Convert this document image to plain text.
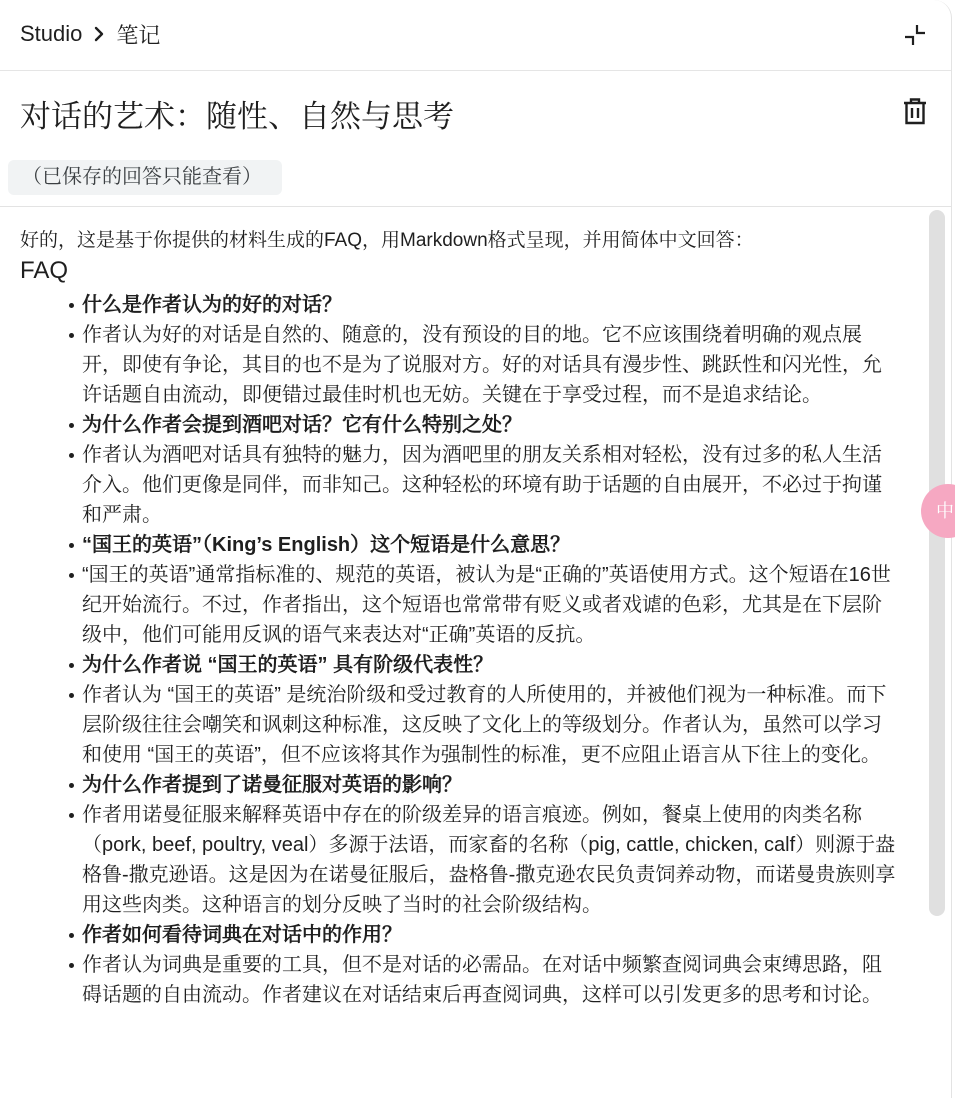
Studio 笔记
对话的艺术：随性、自然与思考
（已保存的回答只能查看）
好的，这是基于你提供的材料生成的FAQ，用Markdown格式呈现，并用简体中文回答：
FAQ
什么是作者认为的好的对话？
作者认为好的对话是自然的、随意的，没有预设的目的地。它不应该围绕着明确的观点展开，即使有争论，其目的也不是为了说服对方。好的对话具有漫步性、跳跃性和闪光性，允许话题自由流动，即便错过最佳时机也无妨。关键在于享受过程，而不是追求结论。
为什么作者会提到酒吧对话？它有什么特别之处？
作者认为酒吧对话具有独特的魅力，因为酒吧里的朋友关系相对轻松，没有过多的私人生活介入。他们更像是同伴，而非知己。这种轻松的环境有助于话题的自由展开，不必过于拘谨和严肃。
“国王的英语”（King’s English）这个短语是什么意思？
“国王的英语”通常指标准的、规范的英语，被认为是“正确的”英语使用方式。这个短语在16世纪开始流行。不过，作者指出，这个短语也常常带有贬义或者戏谑的色彩，尤其是在下层阶级中，他们可能用反讽的语气来表达对“正确”英语的反抗。
为什么作者说 “国王的英语” 具有阶级代表性？
作者认为 “国王的英语” 是统治阶级和受过教育的人所使用的，并被他们视为一种标准。而下层阶级往往会嘲笑和讽刺这种标准，这反映了文化上的等级划分。作者认为，虽然可以学习和使用 “国王的英语”，但不应该将其作为强制性的标准，更不应阻止语言从下往上的变化。
为什么作者提到了诺曼征服对英语的影响？
作者用诺曼征服来解释英语中存在的阶级差异的语言痕迹。例如，餐桌上使用的肉类名称（pork, beef, poultry, veal）多源于法语，而家畜的名称（pig, cattle, chicken, calf）则源于盎格鲁-撒克逊语。这是因为在诺曼征服后，盎格鲁-撒克逊农民负责饲养动物，而诺曼贵族则享用这些肉类。这种语言的划分反映了当时的社会阶级结构。
作者如何看待词典在对话中的作用？
作者认为词典是重要的工具，但不是对话的必需品。在对话中频繁查阅词典会束缚思路，阻碍话题的自由流动。作者建议在对话结束后再查阅词典，这样可以引发更多的思考和讨论。
中
